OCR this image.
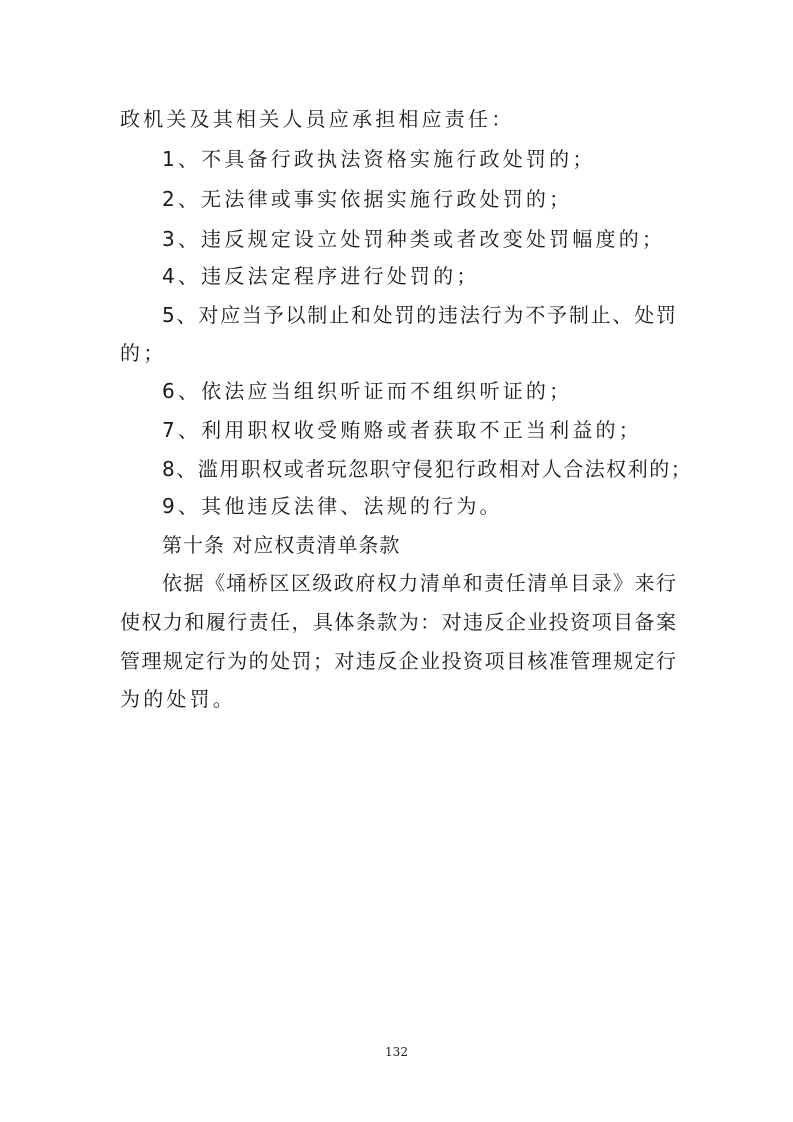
政机关及其相关人员应承担相应责任：
1、不具备行政执法资格实施行政处罚的；
2、无法律或事实依据实施行政处罚的；
3、违反规定设立处罚种类或者改变处罚幅度的；
4、违反法定程序进行处罚的；
5、对应当予以制止和处罚的违法行为不予制止、处罚
的；
6、依法应当组织听证而不组织听证的；
7、利用职权收受贿赂或者获取不正当利益的；
8、滥用职权或者玩忽职守侵犯行政相对人合法权利的；
9、其他违反法律、法规的行为。
第十条 对应权责清单条款
依据《埇桥区区级政府权力清单和责任清单目录》来行
使权力和履行责任，具体条款为：对违反企业投资项目备案
管理规定行为的处罚；对违反企业投资项目核准管理规定行
为的处罚。
132
